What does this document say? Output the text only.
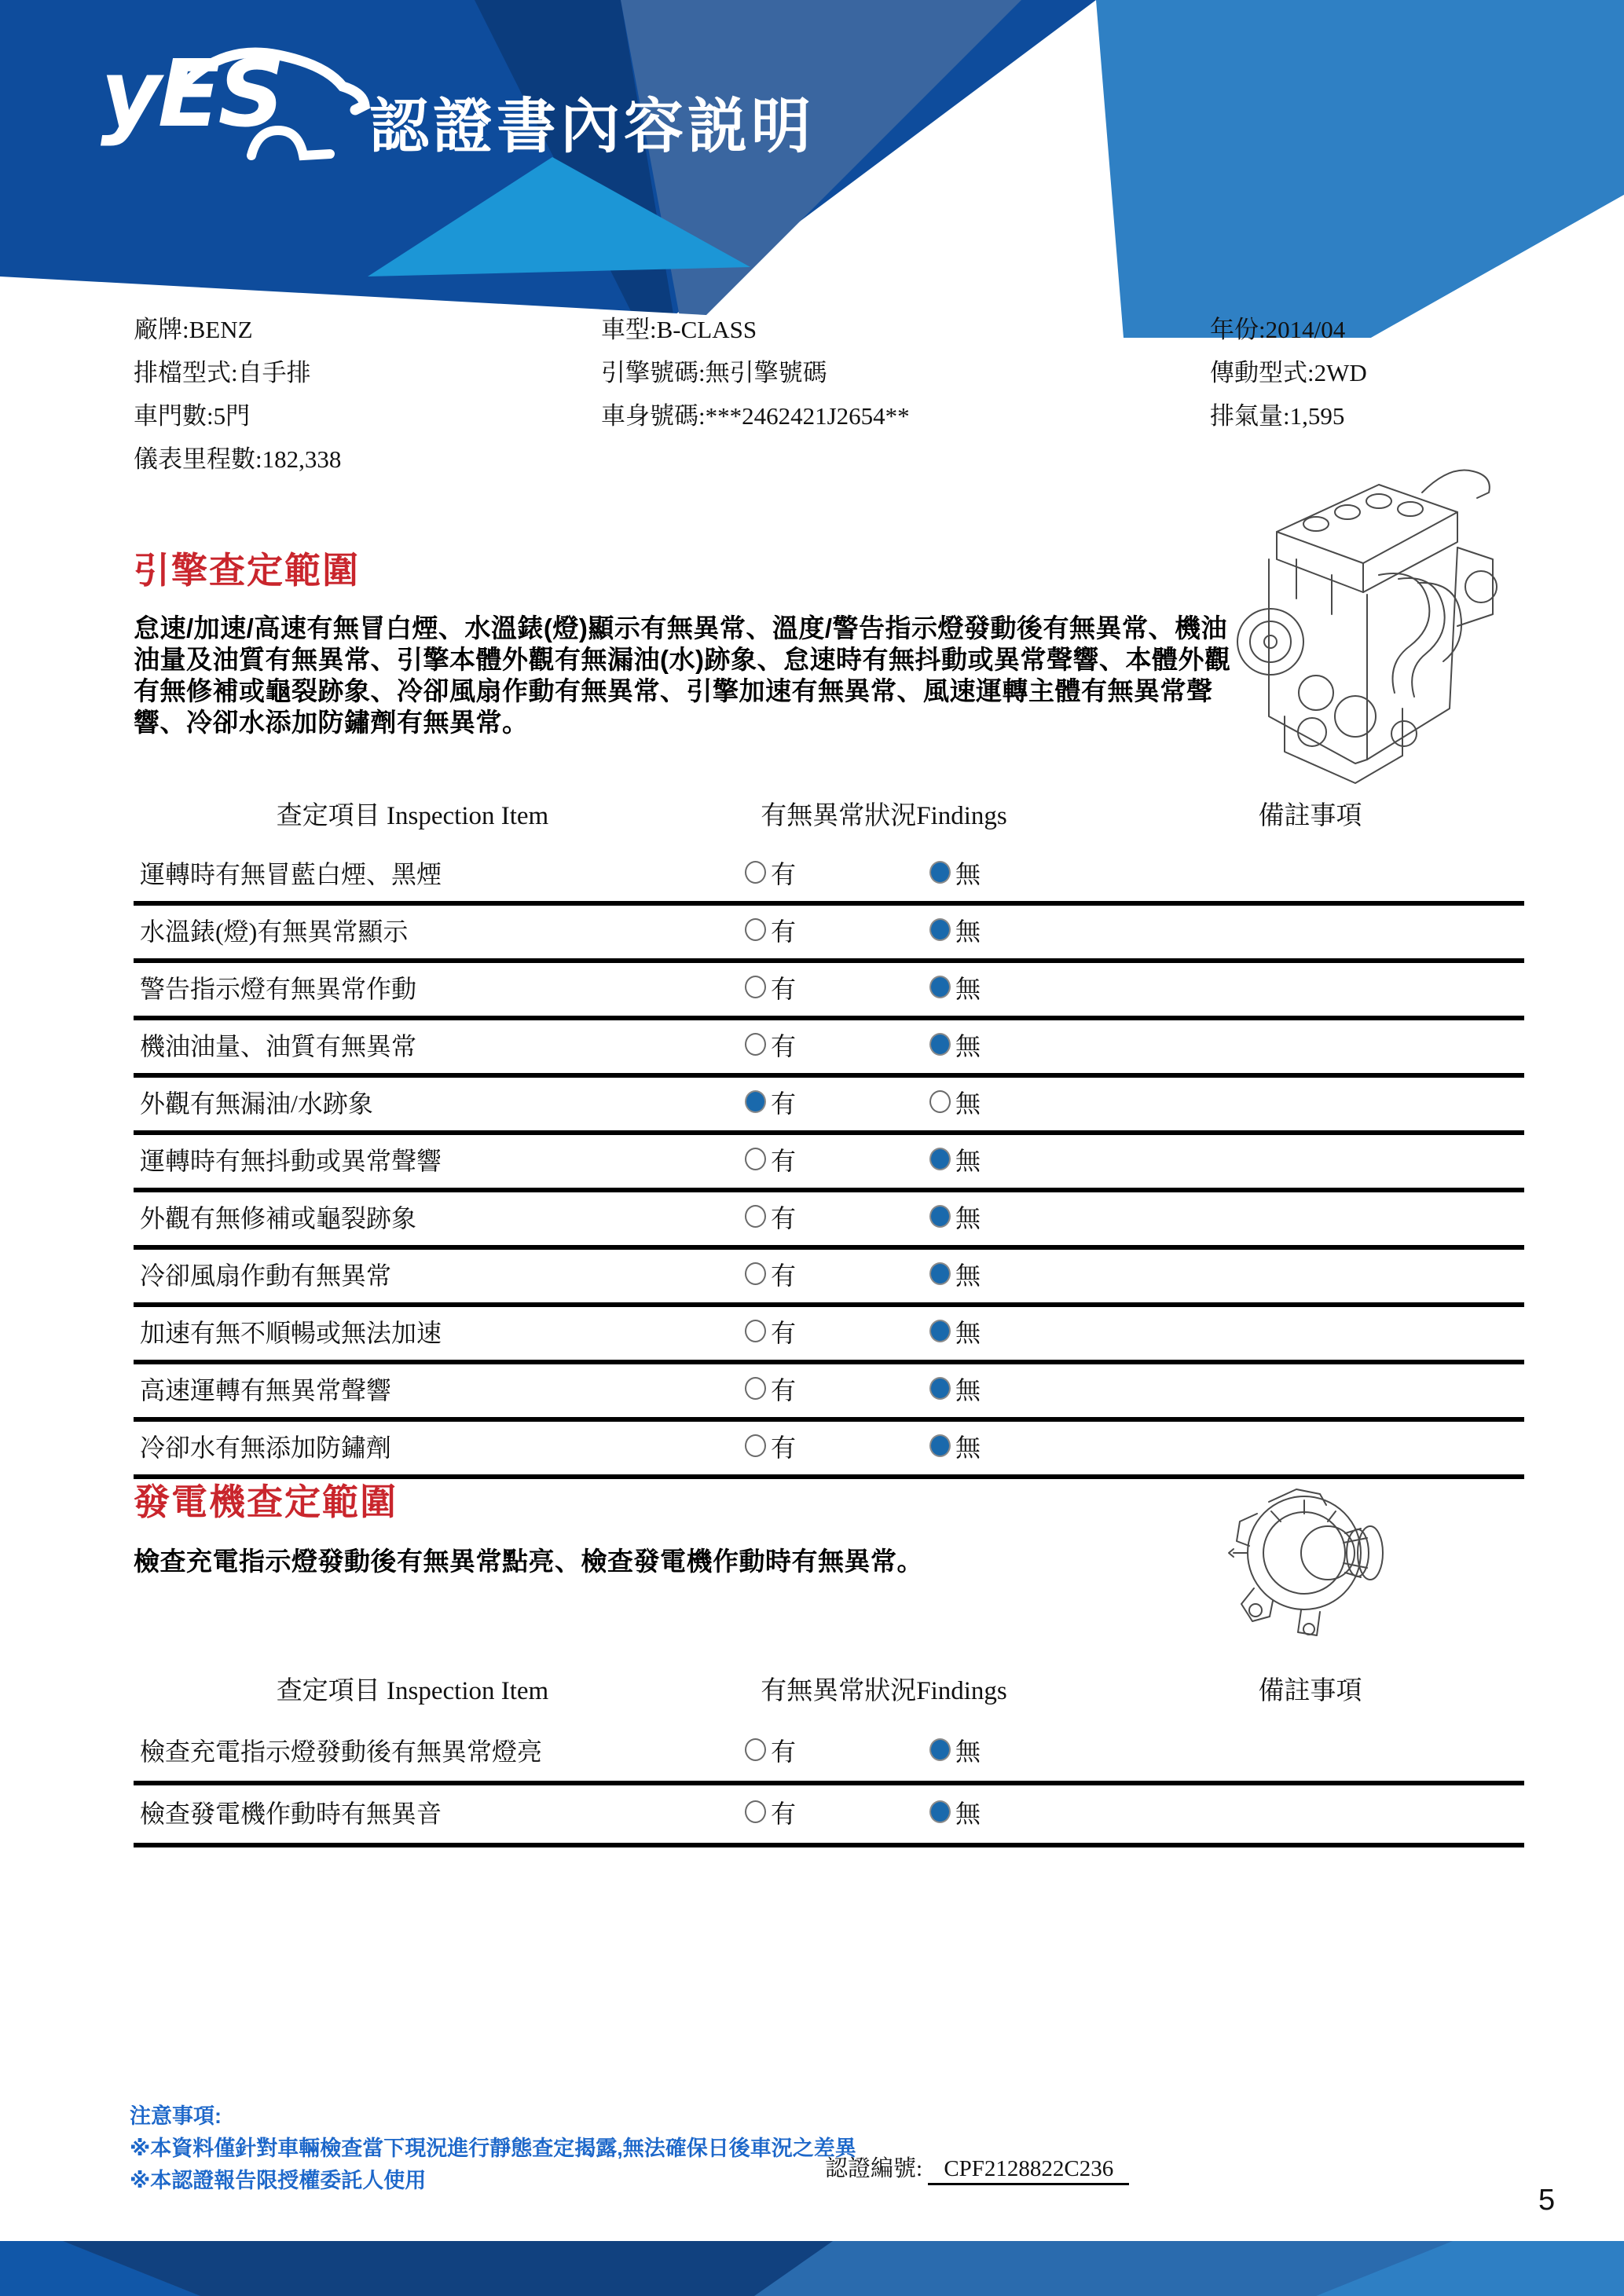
yES	認證書內容説明
廠牌:BENZ
排檔型式:自手排
車門數:5門
儀表里程數:182,338
車型:B-CLASS
引擎號碼:無引擎號碼
車身號碼:***2462421J2654**
年份:2014/04
傳動型式:2WD
排氣量:1,595
引擎查定範圍
怠速/加速/高速有無冒白煙、水溫錶(燈)顯示有無異常、溫度/警告指示燈發動後有無異常、機油油量及油質有無異常、引擎本體外觀有無漏油(水)跡象、怠速時有無抖動或異常聲響、本體外觀有無修補或龜裂跡象、冷卻風扇作動有無異常、引擎加速有無異常、風速運轉主體有無異常聲響、冷卻水添加防鏽劑有無異常。
查定項目 Inspection Item	有無異常狀況Findings	備註事項
運轉時有無冒藍白煙、黑煙	有	無
水溫錶(燈)有無異常顯示	有	無
警告指示燈有無異常作動	有	無
機油油量、油質有無異常	有	無
外觀有無漏油/水跡象	有	無
運轉時有無抖動或異常聲響	有	無
外觀有無修補或龜裂跡象	有	無
冷卻風扇作動有無異常	有	無
加速有無不順暢或無法加速	有	無
高速運轉有無異常聲響	有	無
冷卻水有無添加防鏽劑	有	無
發電機查定範圍
檢查充電指示燈發動後有無異常點亮、檢查發電機作動時有無異常。
查定項目 Inspection Item	有無異常狀況Findings	備註事項
檢查充電指示燈發動後有無異常燈亮	有	無
檢查發電機作動時有無異音	有	無
注意事項:
※本資料僅針對車輛檢查當下現況進行靜態查定揭露,無法確保日後車況之差異
※本認證報告限授權委託人使用	認證編號: CPF2128822C236
5
